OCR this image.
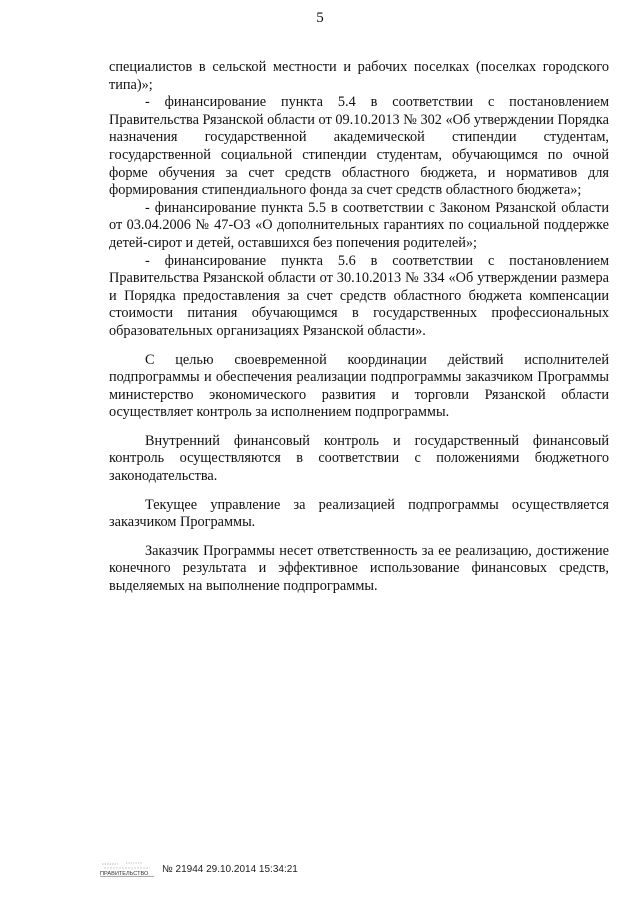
5

специалистов в сельской местности и рабочих поселках (поселках городского типа)»;

- финансирование пункта 5.4 в соответствии с постановлением Правительства Рязанской области от 09.10.2013 № 302 «Об утверждении Порядка назначения государственной академической стипендии студентам, государственной социальной стипендии студентам, обучающимся по очной форме обучения за счет средств областного бюджета, и нормативов для формирования стипендиального фонда за счет средств областного бюджета»;

- финансирование пункта 5.5 в соответствии с Законом Рязанской области от 03.04.2006 № 47-ОЗ «О дополнительных гарантиях по социальной поддержке детей-сирот и детей, оставшихся без попечения родителей»;

- финансирование пункта 5.6 в соответствии с постановлением Правительства Рязанской области от 30.10.2013 № 334 «Об утверждении размера и Порядка предоставления за счет средств областного бюджета компенсации стоимости питания обучающимся в государственных профессиональных образовательных организациях Рязанской области».

С целью своевременной координации действий исполнителей подпрограммы и обеспечения реализации подпрограммы заказчиком Программы министерство экономического развития и торговли Рязанской области осуществляет контроль за исполнением подпрограммы.

Внутренний финансовый контроль и государственный финансовый контроль осуществляются в соответствии с положениями бюджетного законодательства.

Текущее управление за реализацией подпрограммы осуществляется заказчиком Программы.

Заказчик Программы несет ответственность за ее реализацию, достижение конечного результата и эффективное использование финансовых средств, выделяемых на выполнение подпрограммы.

ПРАВИТЕЛЬСТВО № 21944 29.10.2014 15:34:21
